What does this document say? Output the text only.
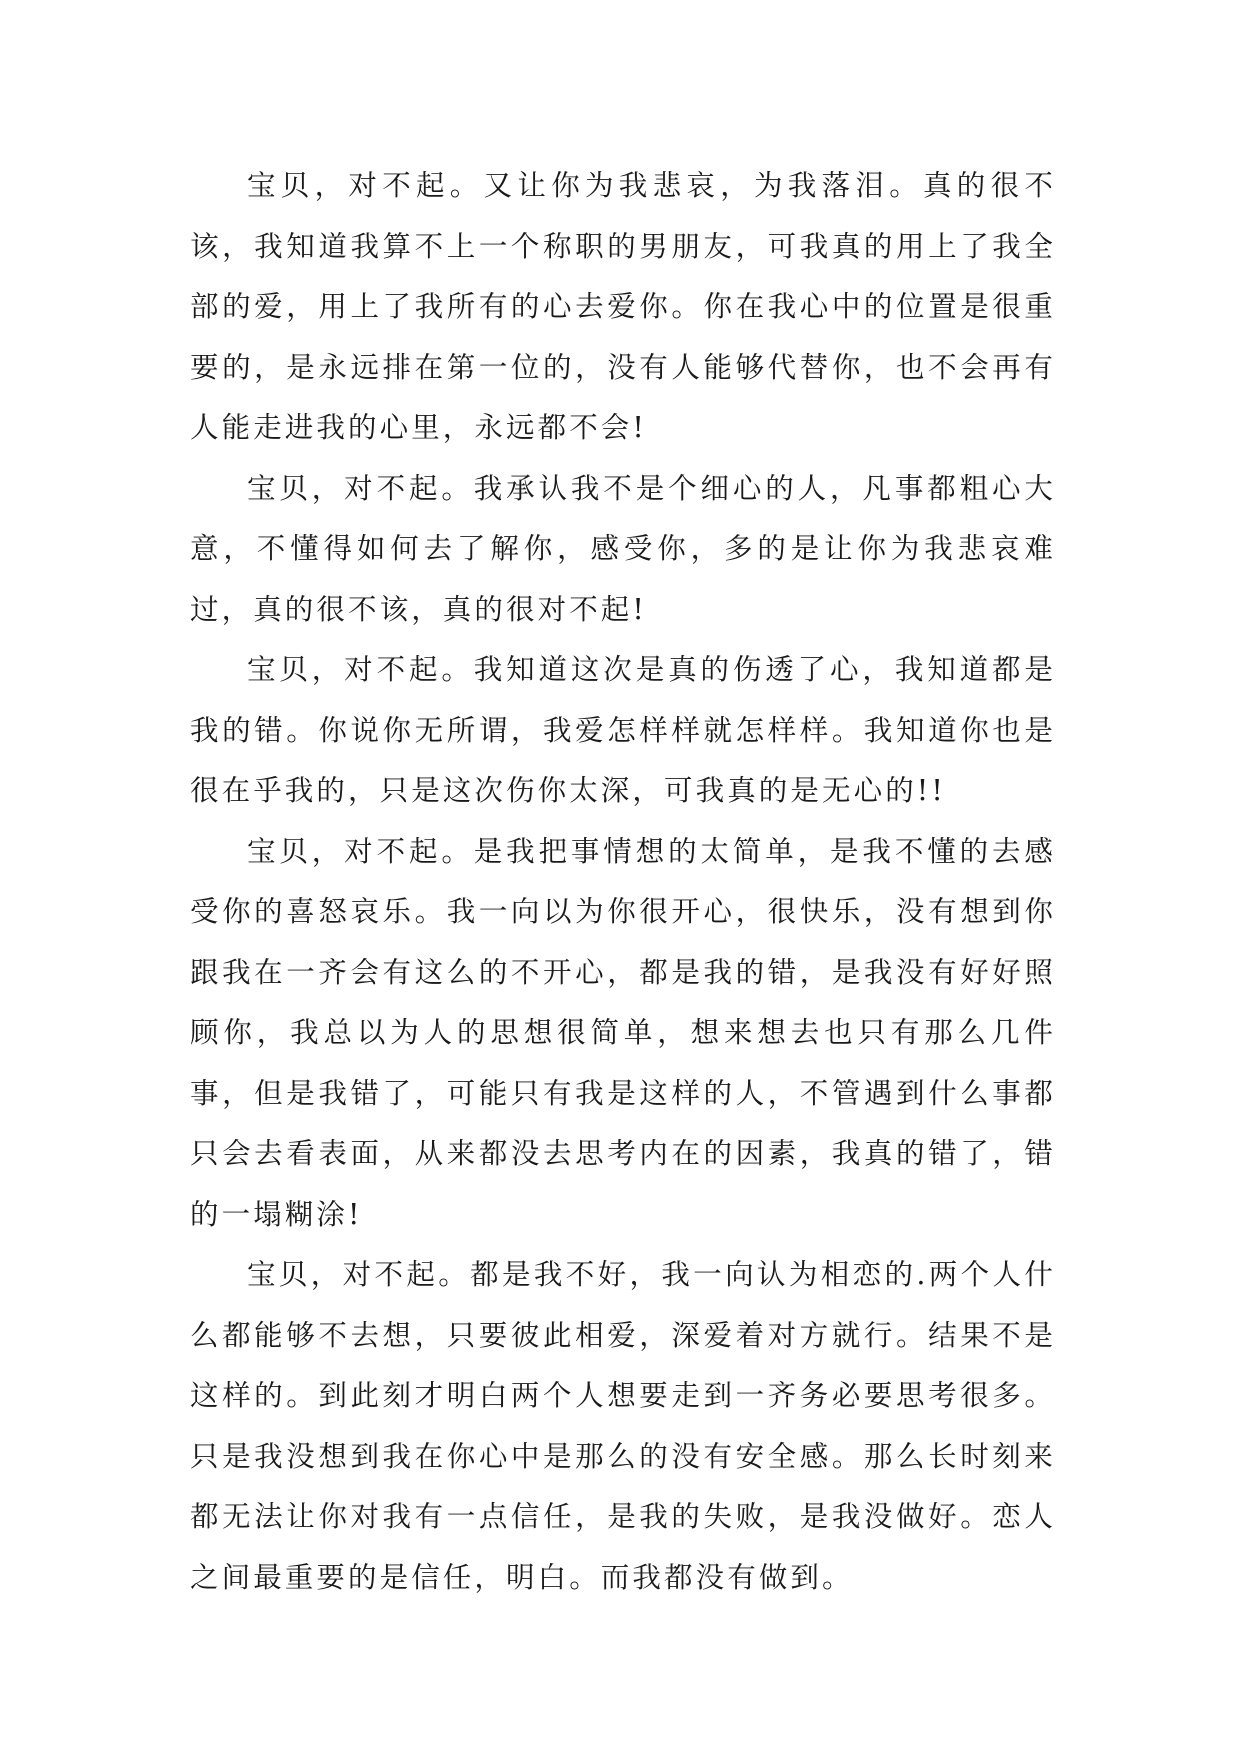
宝贝，对不起。又让你为我悲哀，为我落泪。真的很不该，我知道我算不上一个称职的男朋友，可我真的用上了我全部的爱，用上了我所有的心去爱你。你在我心中的位置是很重要的，是永远排在第一位的，没有人能够代替你，也不会再有人能走进我的心里，永远都不会!

宝贝，对不起。我承认我不是个细心的人，凡事都粗心大意，不懂得如何去了解你，感受你，多的是让你为我悲哀难过，真的很不该，真的很对不起!

宝贝，对不起。我知道这次是真的伤透了心，我知道都是我的错。你说你无所谓，我爱怎样样就怎样样。我知道你也是很在乎我的，只是这次伤你太深，可我真的是无心的!!

宝贝，对不起。是我把事情想的太简单，是我不懂的去感受你的喜怒哀乐。我一向以为你很开心，很快乐，没有想到你跟我在一齐会有这么的不开心，都是我的错，是我没有好好照顾你，我总以为人的思想很简单，想来想去也只有那么几件事，但是我错了，可能只有我是这样的人，不管遇到什么事都只会去看表面，从来都没去思考内在的因素，我真的错了，错的一塌糊涂!

宝贝，对不起。都是我不好，我一向认为相恋的.两个人什么都能够不去想，只要彼此相爱，深爱着对方就行。结果不是这样的。到此刻才明白两个人想要走到一齐务必要思考很多。只是我没想到我在你心中是那么的没有安全感。那么长时刻来都无法让你对我有一点信任，是我的失败，是我没做好。恋人之间最重要的是信任，明白。而我都没有做到。
